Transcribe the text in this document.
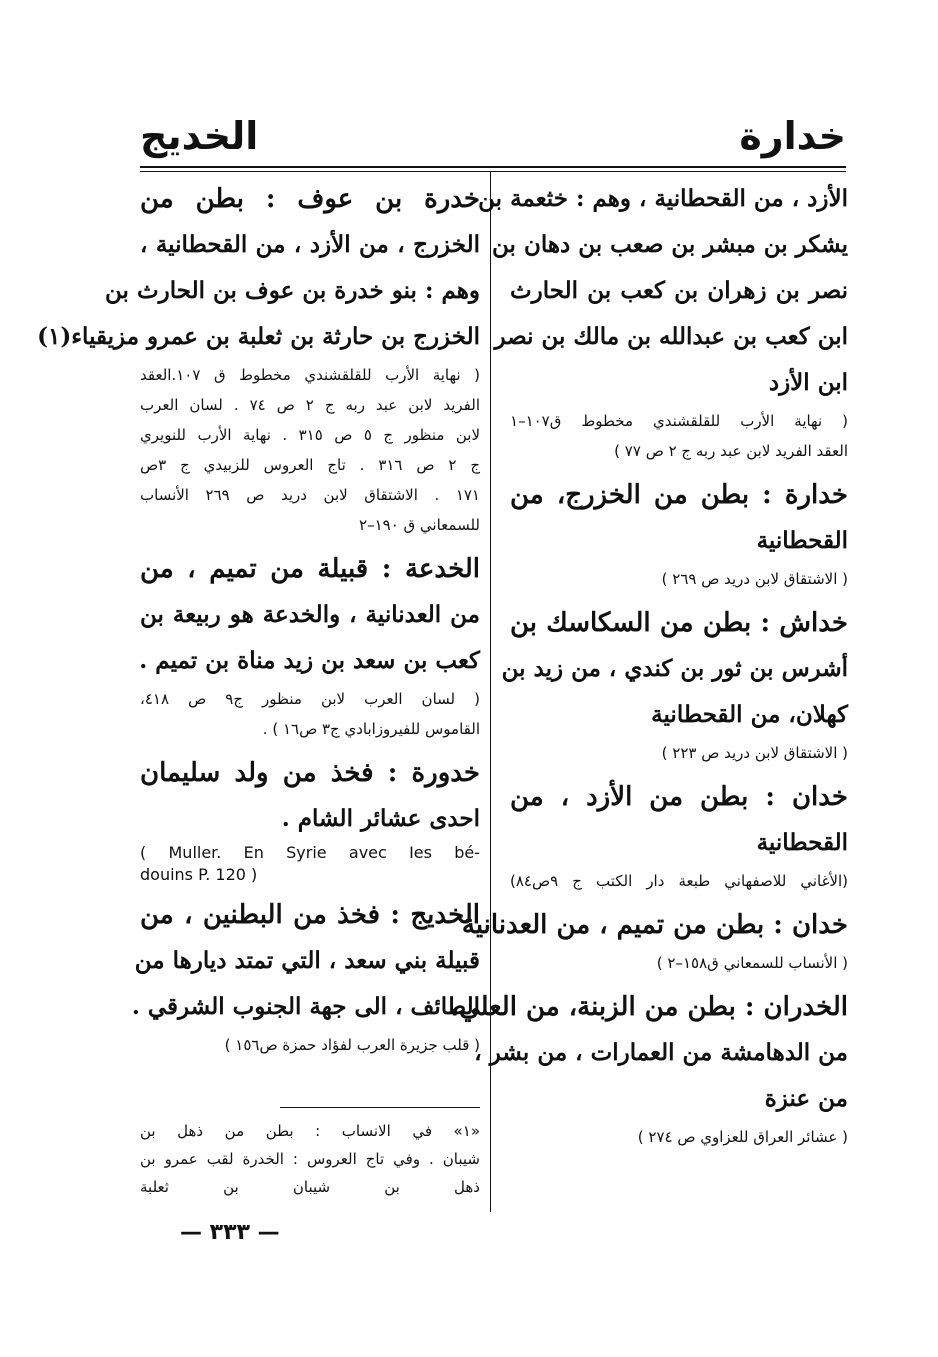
خدارة
الخديج
الأزد ، من القحطانية ، وهم : خثعمة بن
يشكر بن مبشر بن صعب بن دهان بن
نصر بن زهران بن كعب بن الحارث
ابن كعب بن عبدالله بن مالك بن نصر
ابن الأزد
( نهاية الأرب للقلقشندي مخطوط ق١٠٧–١
العقد الفريد لابن عبد ربه ج ٢ ص ٧٧ )
خدارة : بطن من الخزرج، من
القحطانية
( الاشتقاق لابن دريد ص ٢٦٩ )
خداش : بطن من السكاسك بن
أشرس بن ثور بن كندي ، من زيد بن
كهلان، من القحطانية
( الاشتقاق لابن دريد ص ٢٢٣ )
خدان : بطن من الأزد ، من
القحطانية
(الأغاني للاصفهاني طبعة دار الكتب ج ٩ص٨٤)
خدان : بطن من تميم ، من العدنانية
( الأنساب للسمعاني ق١٥٨–٢ )
الخدران : بطن من الزبنة، من العلي،
من الدهامشة من العمارات ، من بشر ،
من عنزة
( عشائر العراق للعزاوي ص ٢٧٤ )
خدرة بن عوف : بطن من
الخزرج ، من الأزد ، من القحطانية ،
وهم : بنو خدرة بن عوف بن الحارث بن
الخزرج بن حارثة بن ثعلبة بن عمرو مزيقياء(١)
( نهاية الأرب للقلقشندي مخطوط ق ١٠٧.العقد
الفريد لابن عبد ربه ج ٢ ص ٧٤ . لسان العرب
لابن منظور ج ٥ ص ٣١٥ . نهاية الأرب للنويري
ج ٢ ص ٣١٦ . تاج العروس للزبيدي ج ٣ص
١٧١ . الاشتقاق لابن دريد ص ٢٦٩ الأنساب
للسمعاني ق ١٩٠–٢
الخدعة : قبيلة من تميم ، من
من العدنانية ، والخدعة هو ربيعة بن
كعب بن سعد بن زيد مناة بن تميم .
( لسان العرب لابن منظور ج٩ ص ٤١٨،
القاموس للفيروزابادي ج٣ ص١٦ ) .
خدورة : فخذ من ولد سليمان
احدى عشائر الشام .
( Muller. En Syrie avec Ies bé-
douins P. 120 )
الخديج : فخذ من البطنين ، من
قبيلة بني سعد ، التي تمتد ديارها من
الطائف ، الى جهة الجنوب الشرقي .
( قلب جزيرة العرب لفؤاد حمزة ص١٥٦ )
«١» في الانساب : بطن من ذهل بن
شيبان . وفي تاج العروس : الخدرة لقب عمرو بن
ذهل بن شيبان بن ثعلبة
— ٣٣٣ —
